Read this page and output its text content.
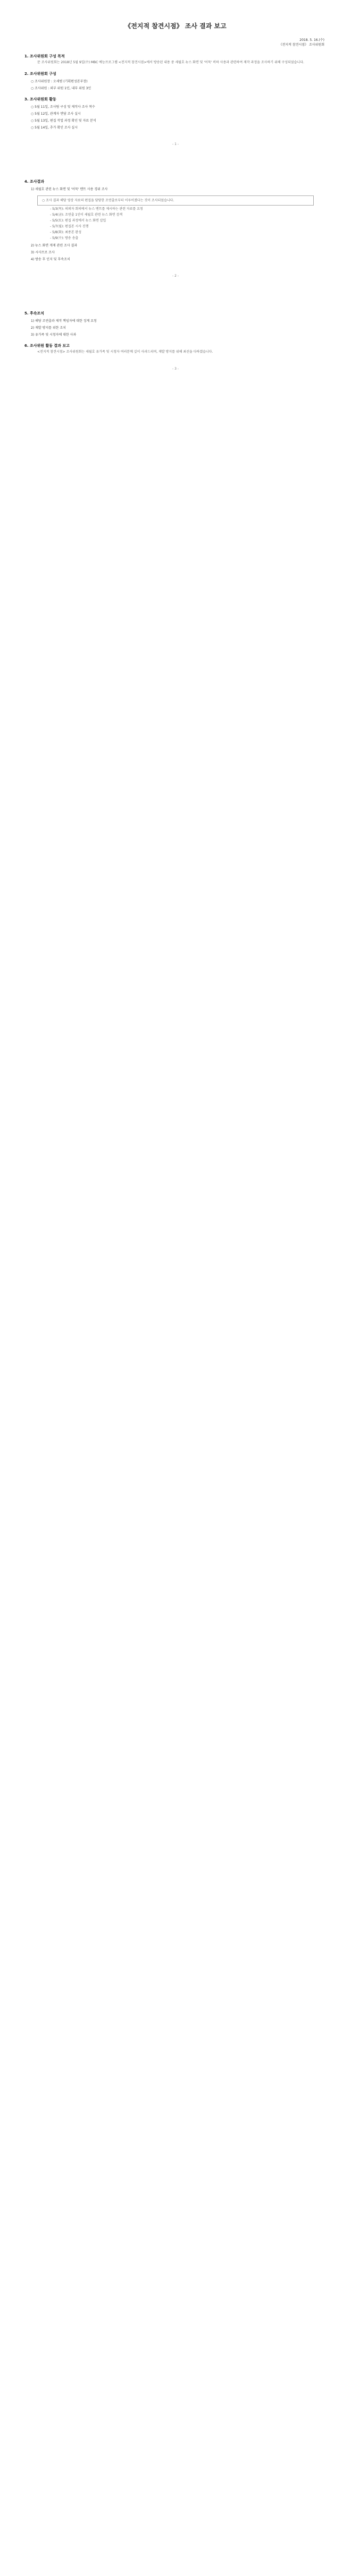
《전지적 참견시점》 조사 결과 보고
2018. 5. 16.(수)
《전지적 참견시점》 조사위원회
1. 조사위원회 구성 목적
문 조사위원회는 2018년 5월 9일(수) MBC 예능프로그램 <전지적 참견시점>에서 방송된 내용 중 세월호 뉴스 화면 및 '어묵' 비하 사용과 관련하여 제작 과정을 조사하기 위해 구성되었습니다.
2. 조사위원회 구성
○ 조사위원장 : 오세범 (기획편성본부장)
○ 조사위원 : 외부 위원 1인, 내부 위원 3인
3. 조사위원회 활동
○ 5월 11일, 조사팀 구성 및 제작사 조사 착수
○ 5월 12일, 관계자 면담 조사 실시
○ 5월 13일, 편집 작업 과정 확인 및 자료 분석
○ 5월 14일, 추가 확인 조사 실시
- 1 -
4. 조사결과
1) 세월호 관련 뉴스 화면 및 '어묵' 멘트 사용 경위 조사
○ 조사 결과 해당 영상 자료의 편집을 담당한 조연출로부터 이루어졌다는 것이 조사되었습니다.
- 5/3(목): 의뢰자 회의에서 뉴스 멘트를 제시하는 관련 자료를 요청
- 5/4(금): 조연출 1인이 세월호 관련 뉴스 화면 검색
- 5/5(토): 편집 과정에서 뉴스 화면 삽입
- 5/7(월): 편집본 시사 진행
- 5/8(화): 최종본 완성
- 5/9(수): 방송 송출
2) 뉴스 화면 게재 관련 조사 결과
3) 시사프로 조사
4) 방송 후 인지 및 후속조치
- 2 -
5. 후속조치
1) 해당 조연출과 제작 책임자에 대한 징계 요청
2) 재발 방지를 위한 조치
3) 유가족 및 시청자에 대한 사과
6. 조사위원 활동 결과 보고
<전지적 참견시점> 조사위원회는 세월호 유가족 및 시청자 여러분께 깊이 사과드리며, 재발 방지를 위해 최선을 다하겠습니다.
- 3 -
